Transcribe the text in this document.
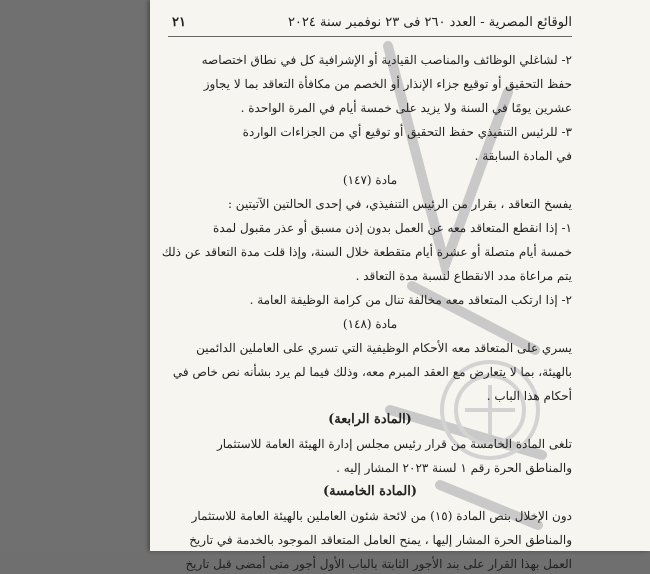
الوقائع المصرية - العدد ٢٦٠ فى ٢٣ نوفمبر سنة ٢٠٢٤
٢١
٢- لشاغلي الوظائف والمناصب القيادية أو الإشرافية كل في نطاق اختصاصه
حفظ التحقيق أو توقيع جزاء الإنذار أو الخصم من مكافأة التعاقد بما لا يجاوز
عشرين يومًا في السنة ولا يزيد على خمسة أيام في المرة الواحدة .
٣- للرئيس التنفيذي حفظ التحقيق أو توقيع أي من الجزاءات الواردة
في المادة السابقة .
مادة (١٤٧)
يفسخ التعاقد ، بقرار من الرئيس التنفيذي، في إحدى الحالتين الآتيتين :
١- إذا انقطع المتعاقد معه عن العمل بدون إذن مسبق أو عذر مقبول لمدة
خمسة أيام متصلة أو عشرة أيام متقطعة خلال السنة، وإذا قلت مدة التعاقد عن ذلك
يتم مراعاة مدد الانقطاع لنسبة مدة التعاقد .
٢- إذا ارتكب المتعاقد معه مخالفة تنال من كرامة الوظيفة العامة .
مادة (١٤٨)
يسري على المتعاقد معه الأحكام الوظيفية التي تسري على العاملين الدائمين
بالهيئة، بما لا يتعارض مع العقد المبرم معه، وذلك فيما لم يرد بشأنه نص خاص في
أحكام هذا الباب .
(المادة الرابعة)
تلغى المادة الخامسة من قرار رئيس مجلس إدارة الهيئة العامة للاستثمار
والمناطق الحرة رقم ١ لسنة ٢٠٢٣ المشار إليه .
(المادة الخامسة)
دون الإخلال بنص المادة (١٥) من لائحة شئون العاملين بالهيئة العامة للاستثمار
والمناطق الحرة المشار إليها ، يمنح العامل المتعاقد الموجود بالخدمة في تاريخ
العمل بهذا القرار على بند الأجور الثابتة بالباب الأول أجور متى أمضى قبل تاريخ
